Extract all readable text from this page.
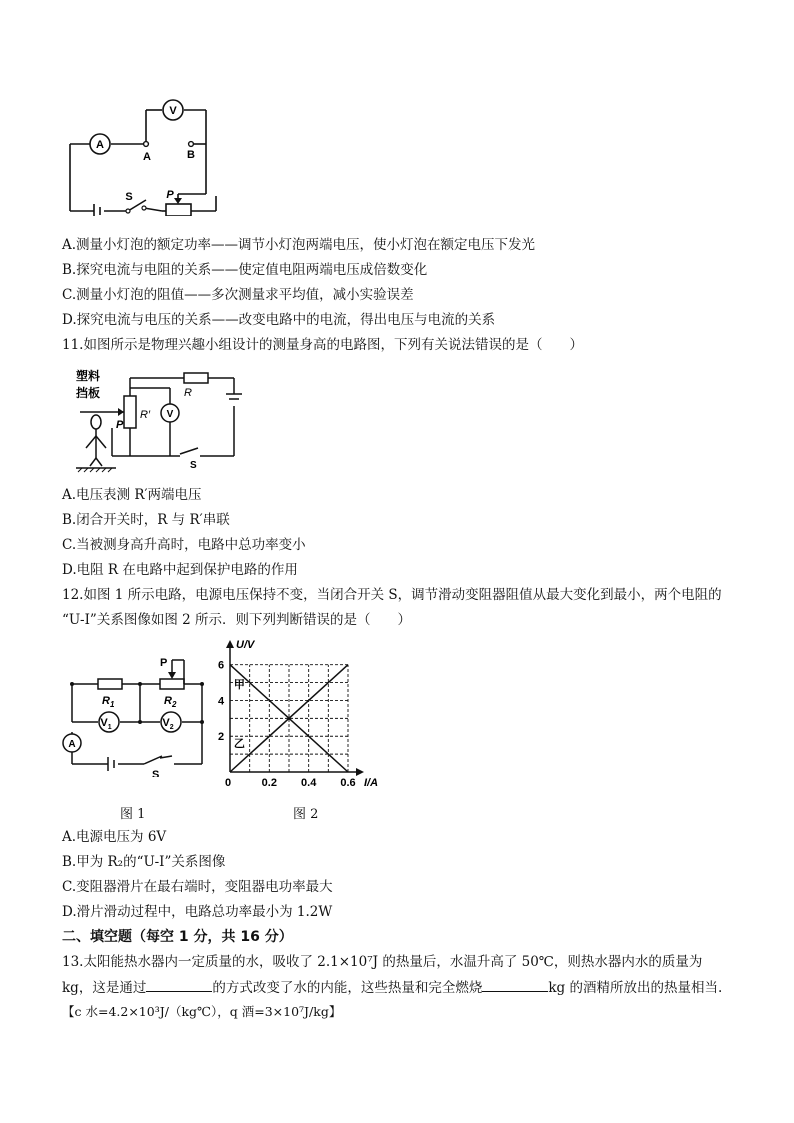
A
V
A	B
S	P
A.测量小灯泡的额定功率——调节小灯泡两端电压，使小灯泡在额定电压下发光
B.探究电流与电阻的关系——使定值电阻两端电压成倍数变化
C.测量小灯泡的阻值——多次测量求平均值，减小实验误差
D.探究电流与电压的关系——改变电路中的电流，得出电压与电流的关系
11.如图所示是物理兴趣小组设计的测量身高的电路图，下列有关说法错误的是（　　）
V
塑料
挡板
P
R′
R
S
A.电压表测 R′两端电压
B.闭合开关时，R 与 R′串联
C.当被测身高升高时，电路中总功率变小
D.电阻 R 在电路中起到保护电路的作用
12.如图 1 所示电路，电源电压保持不变，当闭合开关 S，调节滑动变阻器阻值从最大变化到最小，两个电阻的
“U-I”关系图像如图 2 所示．则下列判断错误的是（　　）
P
$R_1$	$R_2$
$V_1$	$V_2$
A
S
0.2 0.4 0.6
2
4
6
0
U/V
I/A
甲
乙
图 1	图 2
A.电源电压为 6V
B.甲为 R₂的“U-I”关系图像
C.变阻器滑片在最右端时，变阻器电功率最大
D.滑片滑动过程中，电路总功率最小为 1.2W
二、填空题（每空 1 分，共 16 分）
13.太阳能热水器内一定质量的水，吸收了 2.1×10⁷J 的热量后，水温升高了 50℃，则热水器内水的质量为
kg，这是通过	的方式改变了水的内能，这些热量和完全燃烧	kg 的酒精所放出的热量相当.
【c 水=4.2×10³J/（kg℃），q 酒=3×10⁷J/kg】
